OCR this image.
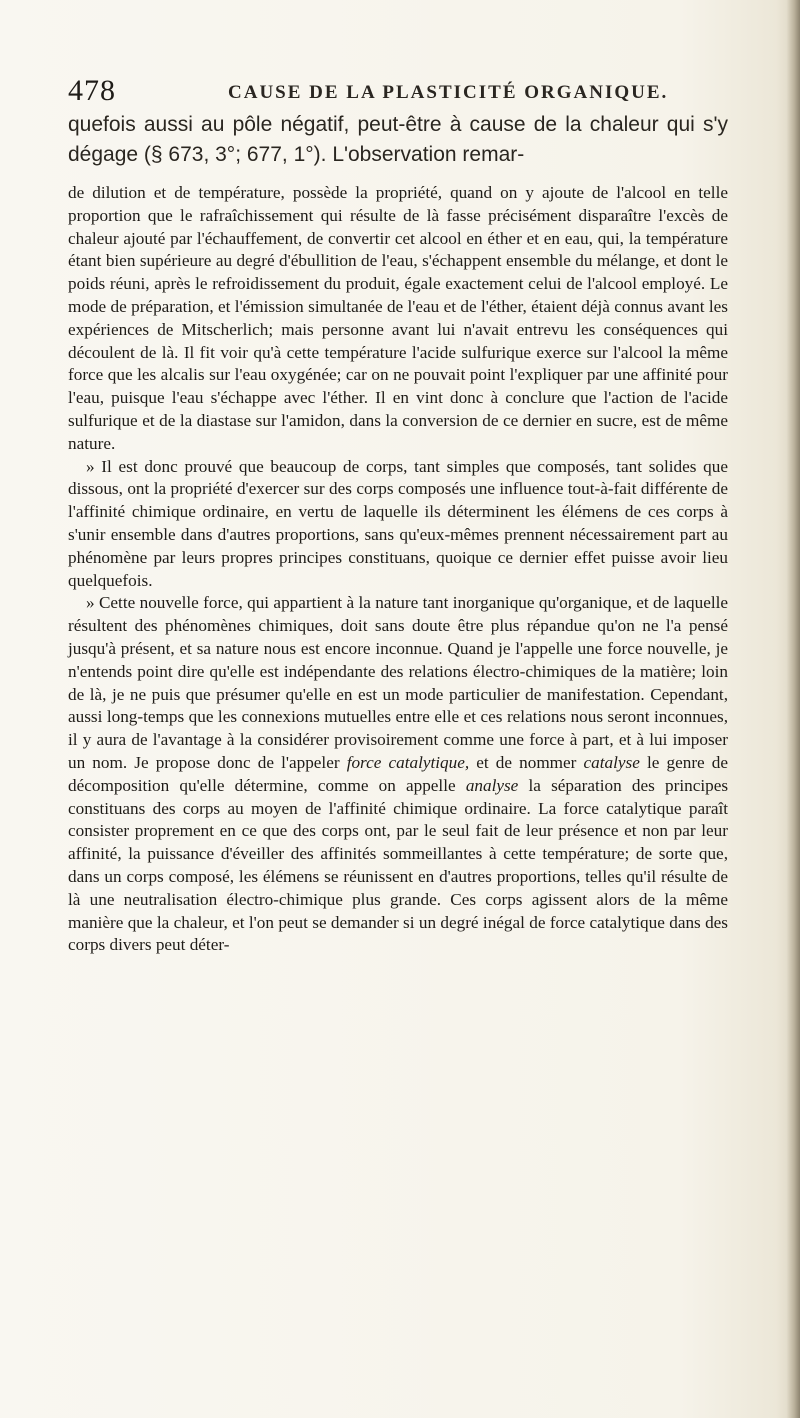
478	CAUSE DE LA PLASTICITÉ ORGANIQUE.

quefois aussi au pôle négatif, peut-être à cause de la chaleur qui s'y dégage (§ 673, 3°; 677, 1°). L'observation remar-

de dilution et de température, possède la propriété, quand on y ajoute de l'alcool en telle proportion que le rafraîchissement qui résulte de là fasse précisément disparaître l'excès de chaleur ajouté par l'échauffement, de convertir cet alcool en éther et en eau, qui, la température étant bien supérieure au degré d'ébullition de l'eau, s'échappent ensemble du mélange, et dont le poids réuni, après le refroidissement du produit, égale exactement celui de l'alcool employé. Le mode de préparation, et l'émission simultanée de l'eau et de l'éther, étaient déjà connus avant les expériences de Mitscherlich; mais personne avant lui n'avait entrevu les conséquences qui découlent de là. Il fit voir qu'à cette température l'acide sulfurique exerce sur l'alcool la même force que les alcalis sur l'eau oxygénée; car on ne pouvait point l'expliquer par une affinité pour l'eau, puisque l'eau s'échappe avec l'éther. Il en vint donc à conclure que l'action de l'acide sulfurique et de la diastase sur l'amidon, dans la conversion de ce dernier en sucre, est de même nature.

» Il est donc prouvé que beaucoup de corps, tant simples que composés, tant solides que dissous, ont la propriété d'exercer sur des corps composés une influence tout-à-fait différente de l'affinité chimique ordinaire, en vertu de laquelle ils déterminent les élémens de ces corps à s'unir ensemble dans d'autres proportions, sans qu'eux-mêmes prennent nécessairement part au phénomène par leurs propres principes constituans, quoique ce dernier effet puisse avoir lieu quelquefois.

» Cette nouvelle force, qui appartient à la nature tant inorganique qu'organique, et de laquelle résultent des phénomènes chimiques, doit sans doute être plus répandue qu'on ne l'a pensé jusqu'à présent, et sa nature nous est encore inconnue. Quand je l'appelle une force nouvelle, je n'entends point dire qu'elle est indépendante des relations électro-chimiques de la matière; loin de là, je ne puis que présumer qu'elle en est un mode particulier de manifestation. Cependant, aussi long-temps que les connexions mutuelles entre elle et ces relations nous seront inconnues, il y aura de l'avantage à la considérer provisoirement comme une force à part, et à lui imposer un nom. Je propose donc de l'appeler force catalytique, et de nommer catalyse le genre de décomposition qu'elle détermine, comme on appelle analyse la séparation des principes constituans des corps au moyen de l'affinité chimique ordinaire. La force catalytique paraît consister proprement en ce que des corps ont, par le seul fait de leur présence et non par leur affinité, la puissance d'éveiller des affinités sommeillantes à cette température; de sorte que, dans un corps composé, les élémens se réunissent en d'autres proportions, telles qu'il résulte de là une neutralisation électro-chimique plus grande. Ces corps agissent alors de la même manière que la chaleur, et l'on peut se demander si un degré inégal de force catalytique dans des corps divers peut déter-
